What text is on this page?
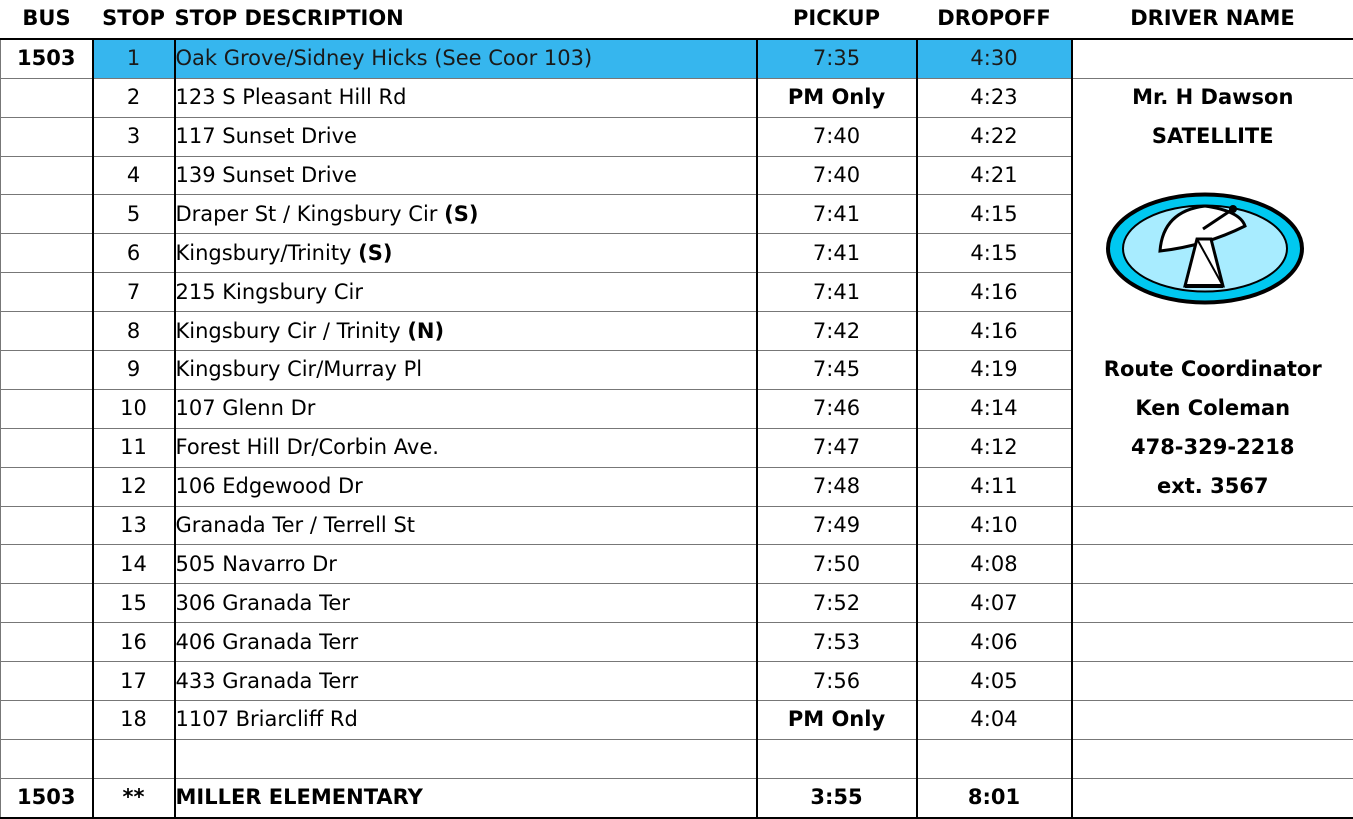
BUS	STOP	STOP DESCRIPTION	PICKUP	DROPOFF	DRIVER NAME
1503	1	Oak Grove/Sidney Hicks (See Coor 103)	7:35	4:30	
	2	123 S Pleasant Hill Rd	PM Only	4:23	Mr. H Dawson
	3	117 Sunset Drive	7:40	4:22	SATELLITE
	4	139 Sunset Drive	7:40	4:21	
	5	Draper St / Kingsbury Cir (S)	7:41	4:15	
	6	Kingsbury/Trinity (S)	7:41	4:15	
	7	215 Kingsbury Cir	7:41	4:16	
	8	Kingsbury Cir / Trinity (N)	7:42	4:16	
	9	Kingsbury Cir/Murray Pl	7:45	4:19	Route Coordinator
	10	107 Glenn Dr	7:46	4:14	Ken Coleman
	11	Forest Hill Dr/Corbin Ave.	7:47	4:12	478-329-2218
	12	106 Edgewood Dr	7:48	4:11	ext. 3567
	13	Granada Ter / Terrell St	7:49	4:10	
	14	505 Navarro Dr	7:50	4:08	
	15	306 Granada Ter	7:52	4:07	
	16	406 Granada Terr	7:53	4:06	
	17	433 Granada Terr	7:56	4:05	
	18	1107 Briarcliff Rd	PM Only	4:04	

1503	**	MILLER ELEMENTARY	3:55	8:01	
